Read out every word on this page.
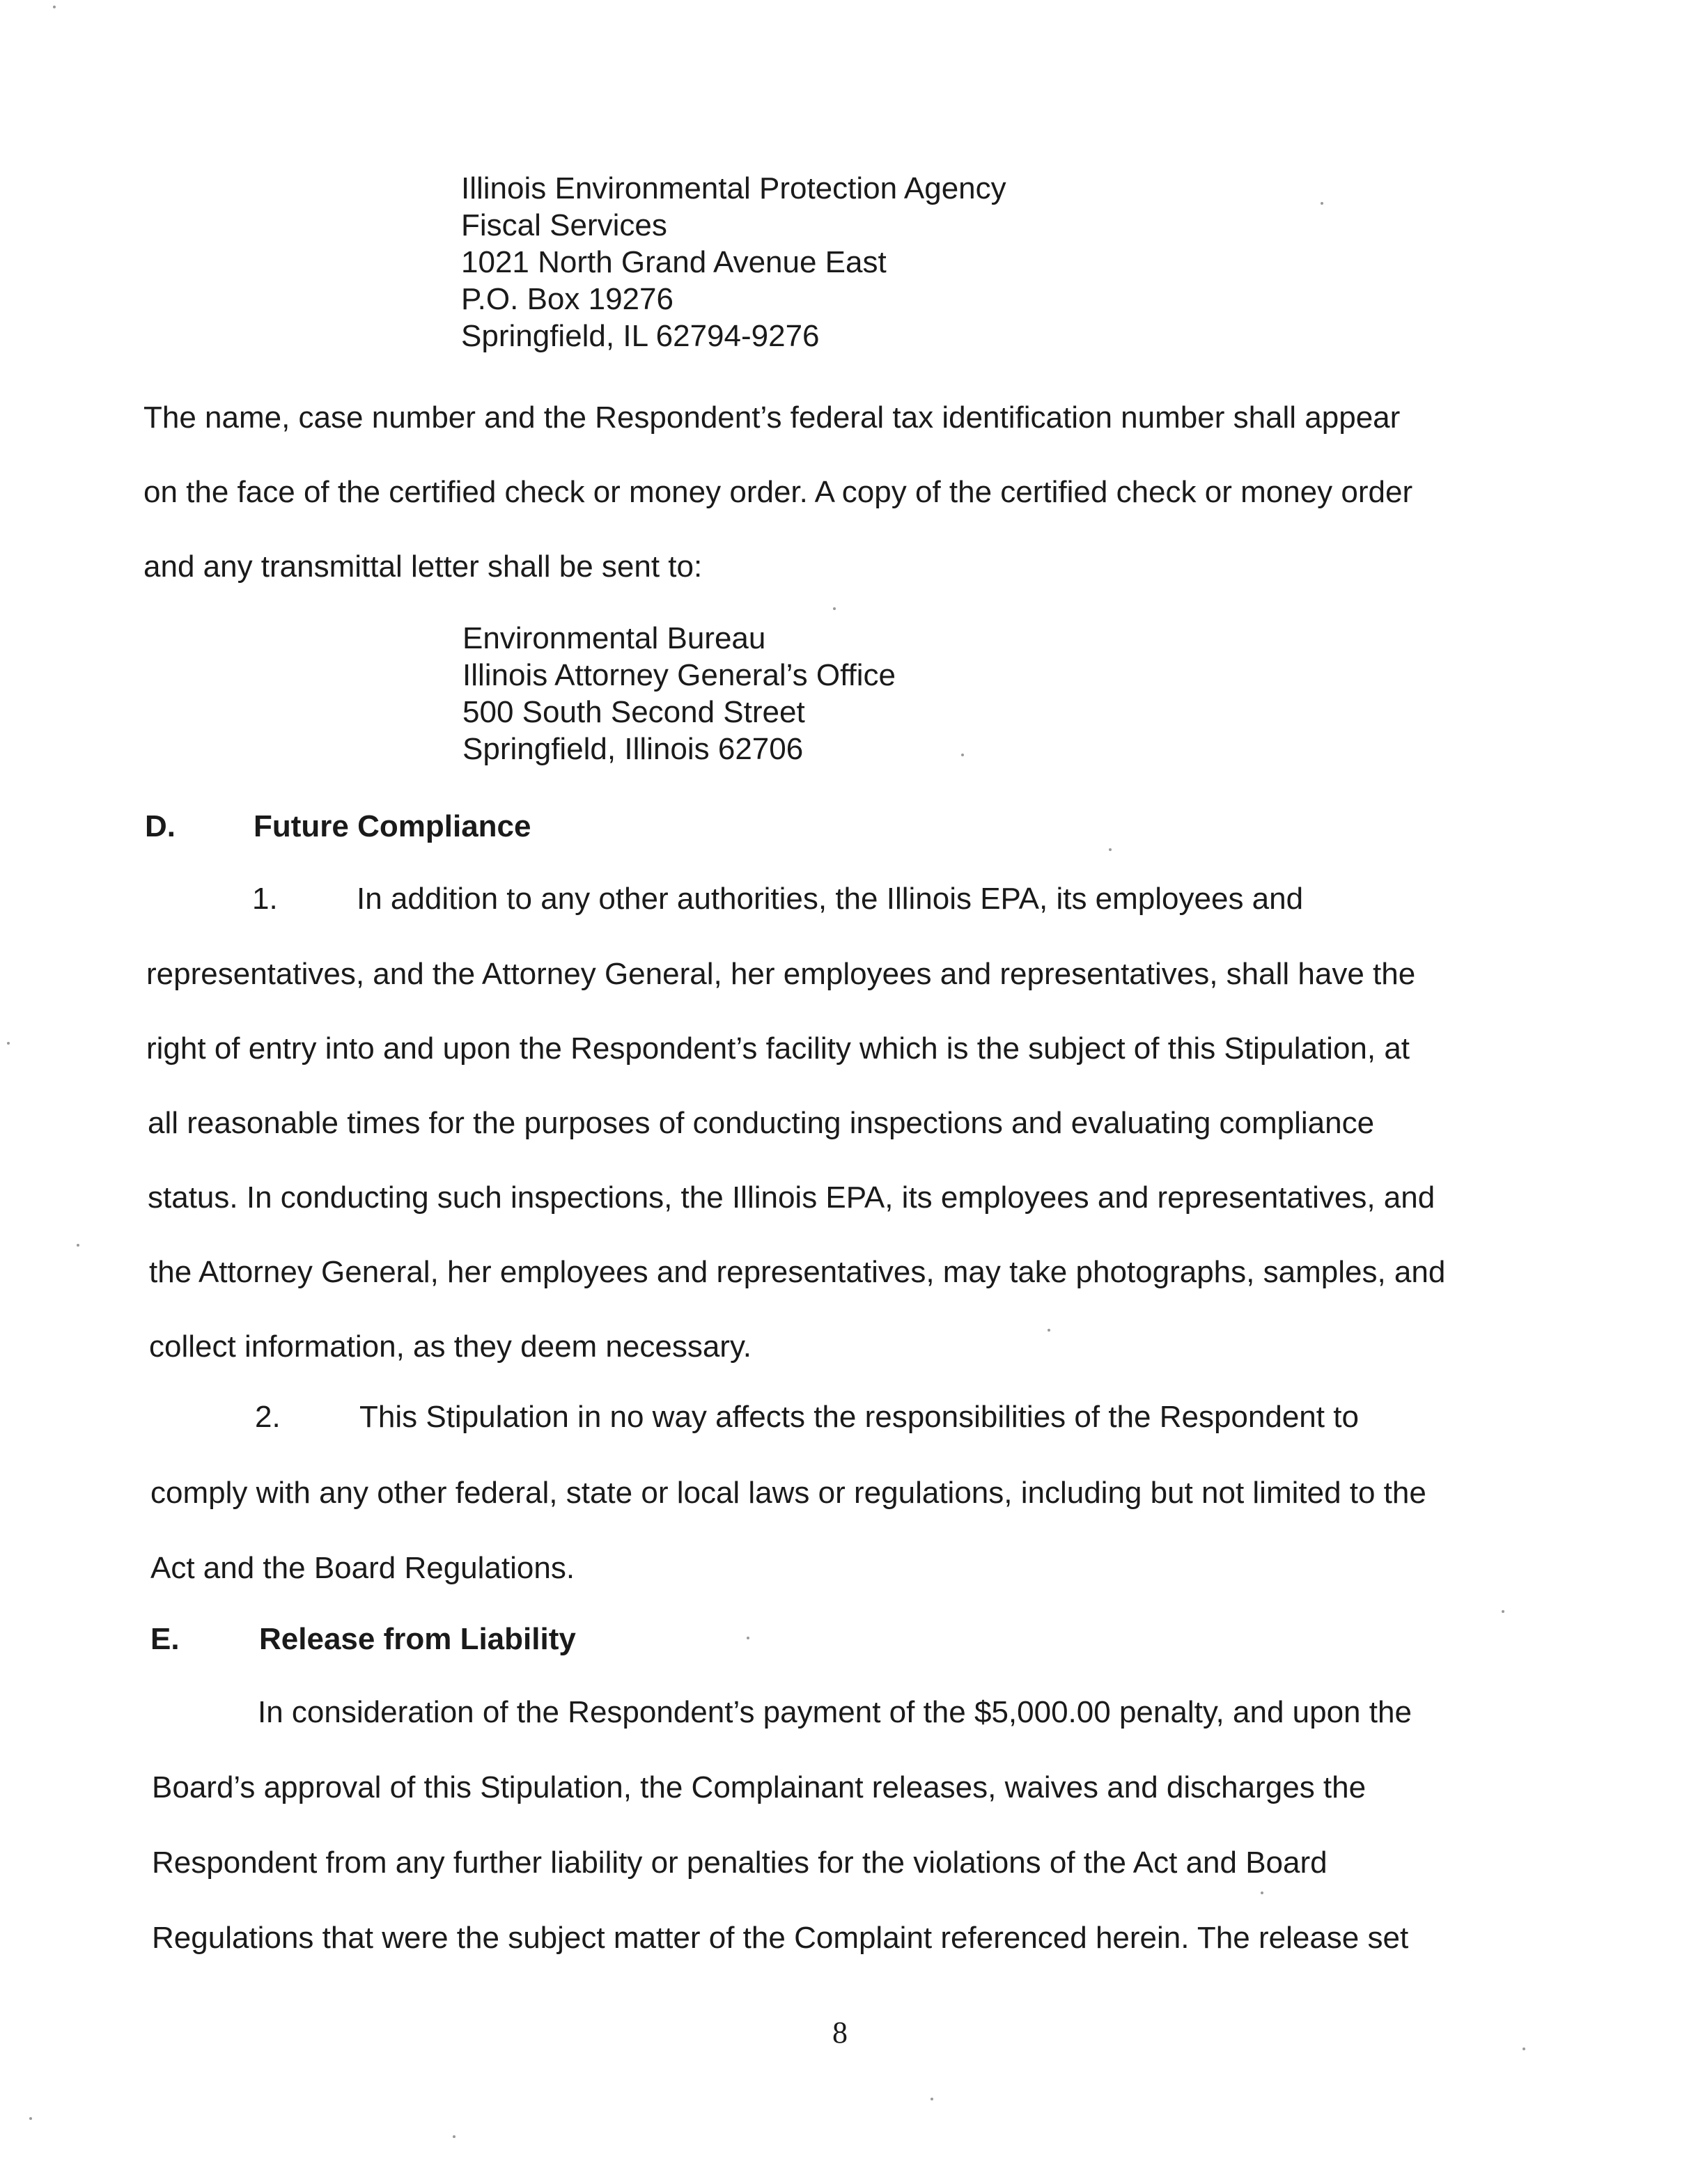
Illinois Environmental Protection Agency
Fiscal Services
1021 North Grand Avenue East
P.O. Box 19276
Springfield, IL 62794-9276
The name, case number and the Respondent’s federal tax identification number shall appear
on the face of the certified check or money order. A copy of the certified check or money order
and any transmittal letter shall be sent to:
Environmental Bureau
Illinois Attorney General’s Office
500 South Second Street
Springfield, Illinois 62706
D.	Future Compliance
1.	In addition to any other authorities, the Illinois EPA, its employees and
representatives, and the Attorney General, her employees and representatives, shall have the
right of entry into and upon the Respondent’s facility which is the subject of this Stipulation, at
all reasonable times for the purposes of conducting inspections and evaluating compliance
status. In conducting such inspections, the Illinois EPA, its employees and representatives, and
the Attorney General, her employees and representatives, may take photographs, samples, and
collect information, as they deem necessary.
2.	This Stipulation in no way affects the responsibilities of the Respondent to
comply with any other federal, state or local laws or regulations, including but not limited to the
Act and the Board Regulations.
E.	Release from Liability
In consideration of the Respondent’s payment of the $5,000.00 penalty, and upon the
Board’s approval of this Stipulation, the Complainant releases, waives and discharges the
Respondent from any further liability or penalties for the violations of the Act and Board
Regulations that were the subject matter of the Complaint referenced herein. The release set
8
